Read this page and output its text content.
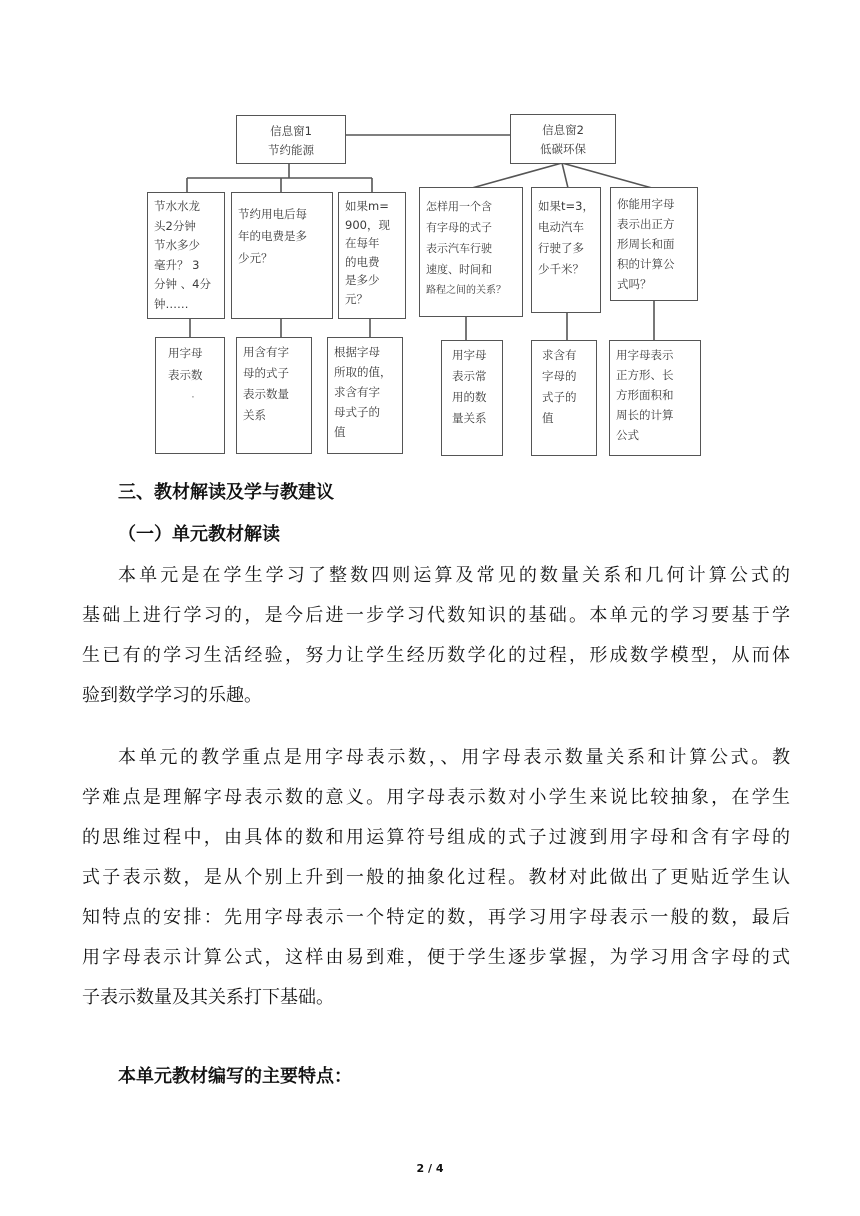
信息窗1
节约能源
信息窗2
低碳环保
节水水龙
头2分钟
节水多少
毫升？ 3
分钟 、4分
钟……
节约用电后每
年的电费是多
少元？
如果m=
900，现
在每年
的电费
是多少
元？
怎样用一个含
有字母的式子
表示汽车行驶
速度、时间和
路程之间的关系？
如果t=3，
电动汽车
行驶了多
少千米？
你能用字母
表示出正方
形周长和面
积的计算公
式吗？
用字母
表示数
·
用含有字
母的式子
表示数量
关系
根据字母
所取的值，
求含有字
母式子的
值
用字母
表示常
用的数
量关系
求含有
字母的
式子的
值
用字母表示
正方形、长
方形面积和
周长的计算
公式
三、教材解读及学与教建议
（一）单元教材解读
本单元是在学生学习了整数四则运算及常见的数量关系和几何计算公式的
基础上进行学习的，是今后进一步学习代数知识的基础。本单元的学习要基于学
生已有的学习生活经验，努力让学生经历数学化的过程，形成数学模型，从而体
验到数学学习的乐趣。
本单元的教学重点是用字母表示数，、用字母表示数量关系和计算公式。教
学难点是理解字母表示数的意义。用字母表示数对小学生来说比较抽象，在学生
的思维过程中，由具体的数和用运算符号组成的式子过渡到用字母和含有字母的
式子表示数，是从个别上升到一般的抽象化过程。教材对此做出了更贴近学生认
知特点的安排：先用字母表示一个特定的数，再学习用字母表示一般的数，最后
用字母表示计算公式，这样由易到难，便于学生逐步掌握，为学习用含字母的式
子表示数量及其关系打下基础。
本单元教材编写的主要特点：
2 / 4
